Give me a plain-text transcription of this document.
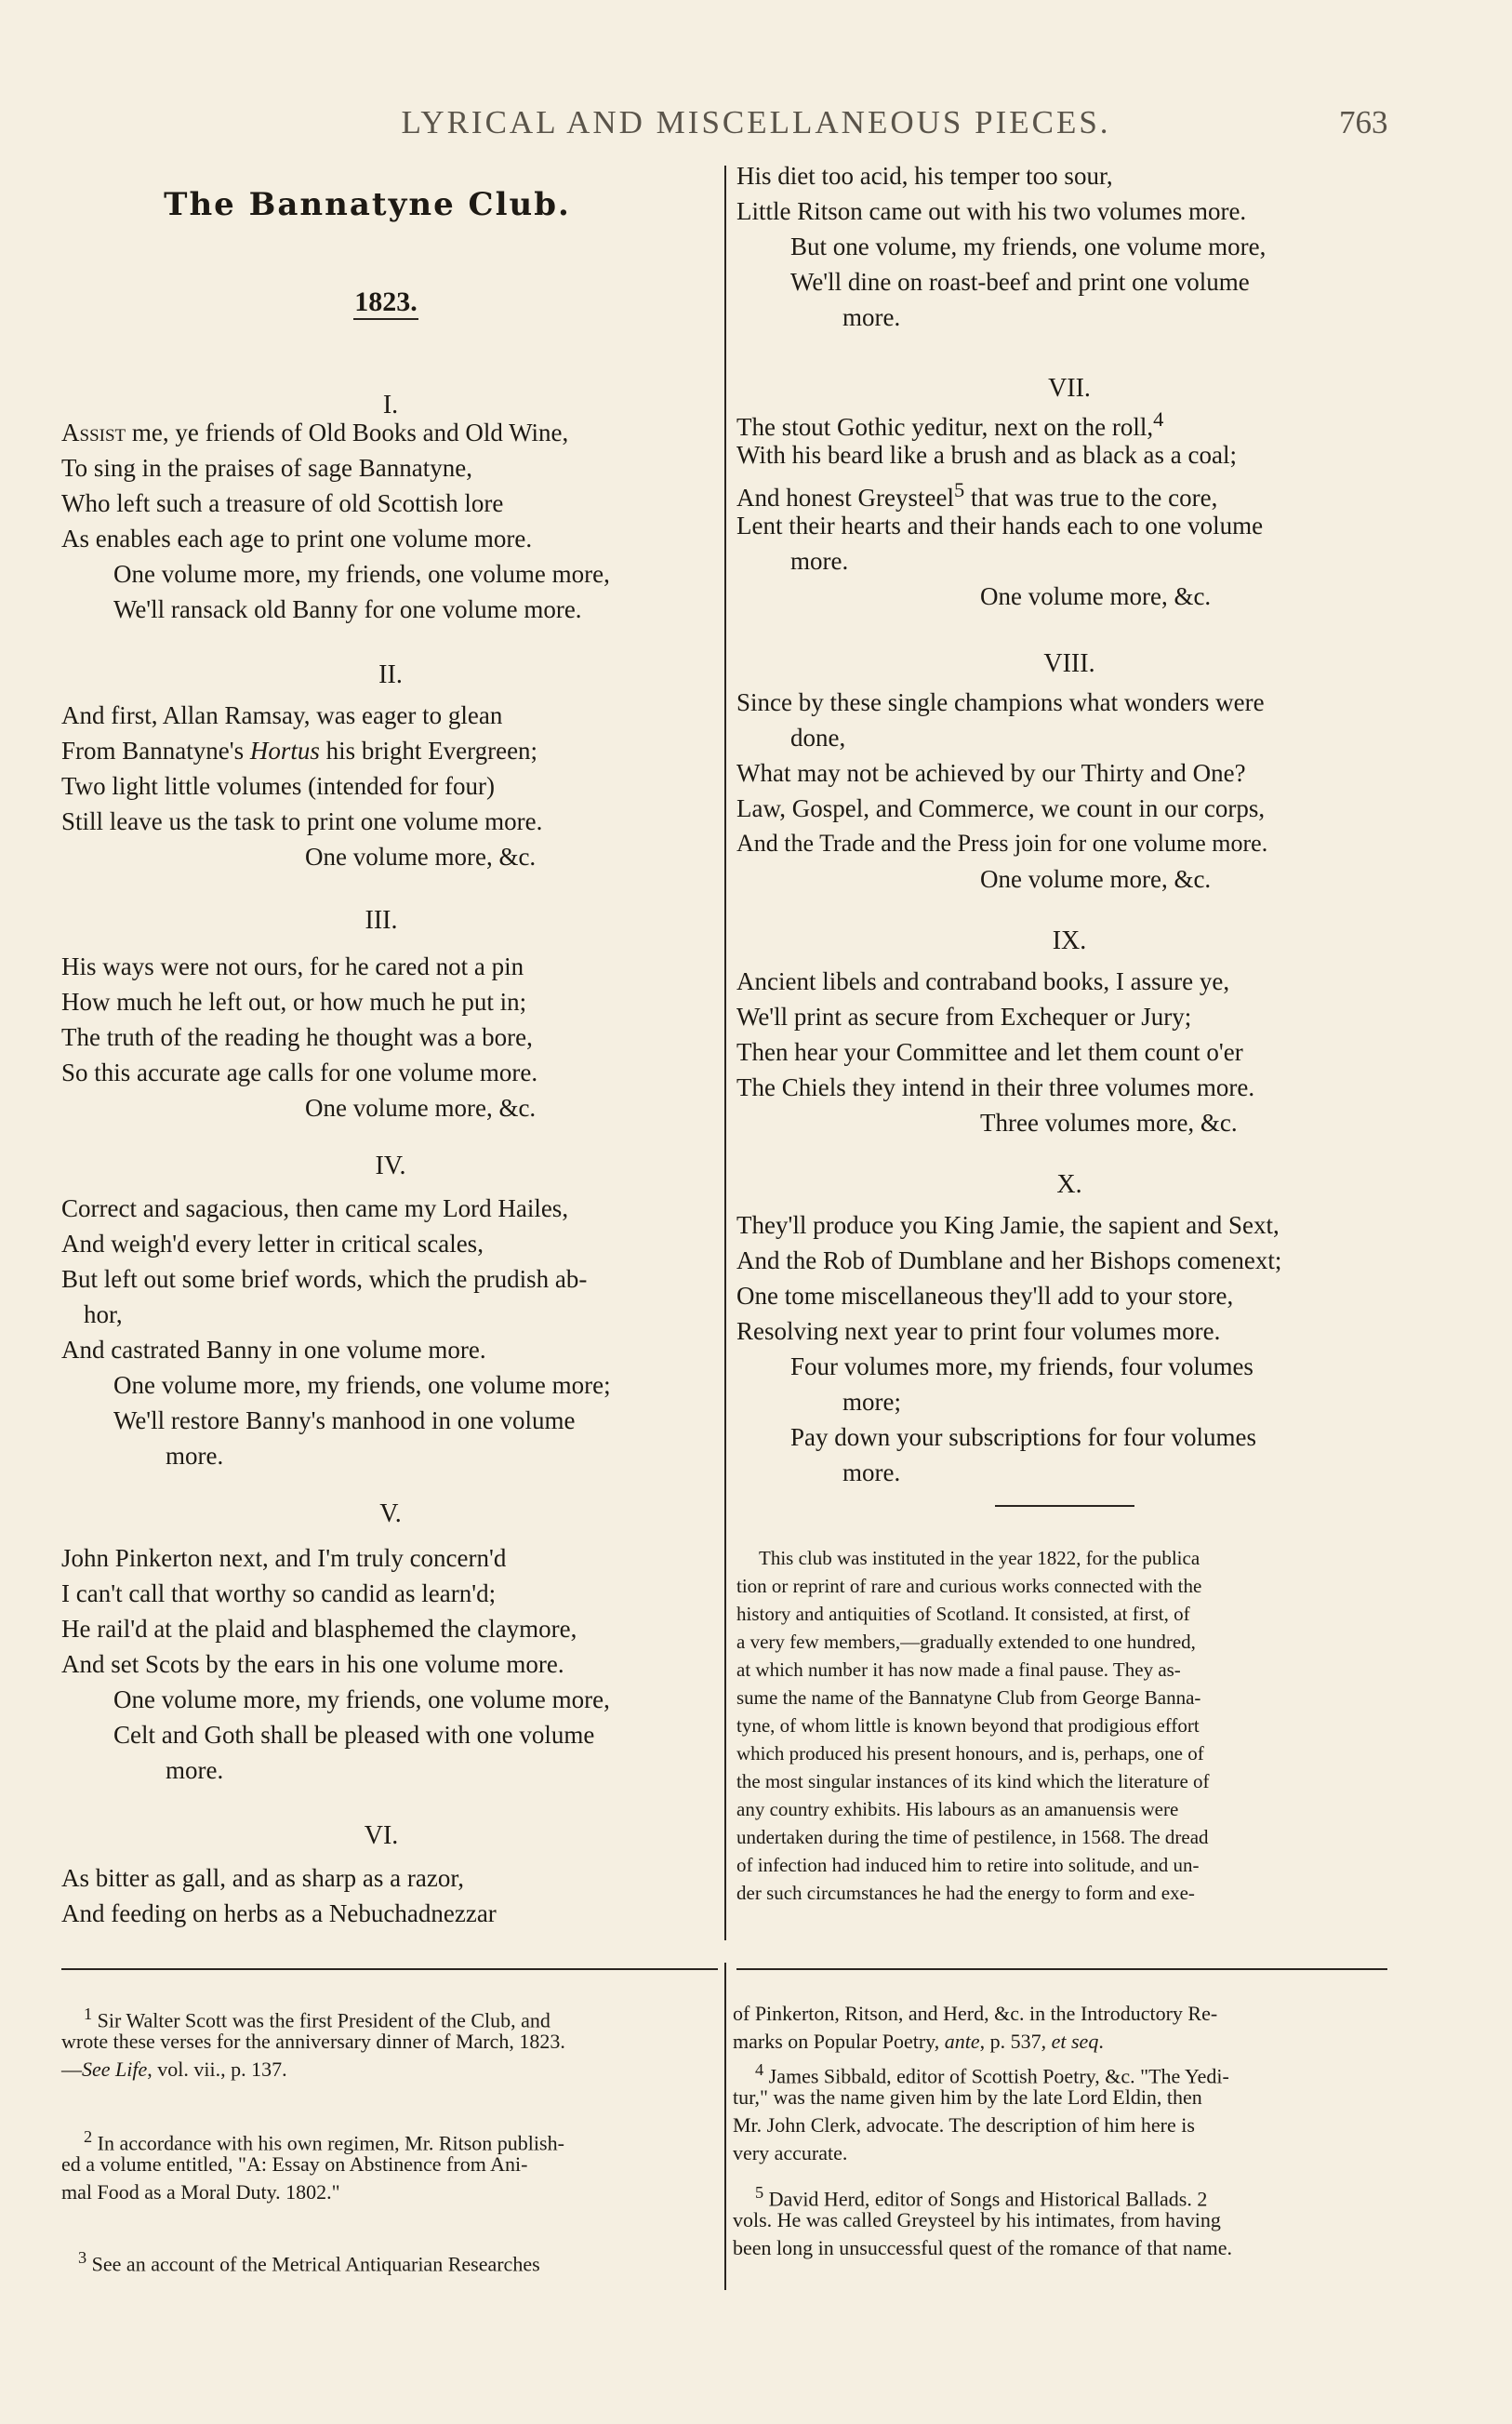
LYRICAL AND MISCELLANEOUS PIECES.	763
The Bannatyne Club.
1823.
I.
Assist me, ye friends of Old Books and Old Wine,
To sing in the praises of sage Bannatyne,
Who left such a treasure of old Scottish lore
As enables each age to print one volume more.
One volume more, my friends, one volume more,
We'll ransack old Banny for one volume more.
II.
And first, Allan Ramsay, was eager to glean
From Bannatyne's Hortus his bright Evergreen;
Two light little volumes (intended for four)
Still leave us the task to print one volume more.
One volume more, &c.
III.
His ways were not ours, for he cared not a pin
How much he left out, or how much he put in;
The truth of the reading he thought was a bore,
So this accurate age calls for one volume more.
One volume more, &c.
IV.
Correct and sagacious, then came my Lord Hailes,
And weigh'd every letter in critical scales,
But left out some brief words, which the prudish ab-
hor,
And castrated Banny in one volume more.
One volume more, my friends, one volume more;
We'll restore Banny's manhood in one volume
more.
V.
John Pinkerton next, and I'm truly concern'd
I can't call that worthy so candid as learn'd;
He rail'd at the plaid and blasphemed the claymore,
And set Scots by the ears in his one volume more.
One volume more, my friends, one volume more,
Celt and Goth shall be pleased with one volume
more.
VI.
As bitter as gall, and as sharp as a razor,
And feeding on herbs as a Nebuchadnezzar
$^1$ Sir Walter Scott was the first President of the Club, and
wrote these verses for the anniversary dinner of March, 1823.
—See Life, vol. vii., p. 137.
$^2$ In accordance with his own regimen, Mr. Ritson publish-
ed a volume entitled, "A: Essay on Abstinence from Ani-
mal Food as a Moral Duty. 1802."
$^3$ See an account of the Metrical Antiquarian Researches
His diet too acid, his temper too sour,
Little Ritson came out with his two volumes more.
But one volume, my friends, one volume more,
We'll dine on roast-beef and print one volume
more.
VII.
The stout Gothic yeditur, next on the roll,$^4$
With his beard like a brush and as black as a coal;
And honest Greysteel$^5$ that was true to the core,
Lent their hearts and their hands each to one volume
more.
One volume more, &c.
VIII.
Since by these single champions what wonders were
done,
What may not be achieved by our Thirty and One?
Law, Gospel, and Commerce, we count in our corps,
And the Trade and the Press join for one volume more.
One volume more, &c.
IX.
Ancient libels and contraband books, I assure ye,
We'll print as secure from Exchequer or Jury;
Then hear your Committee and let them count o'er
The Chiels they intend in their three volumes more.
Three volumes more, &c.
X.
They'll produce you King Jamie, the sapient and Sext,
And the Rob of Dumblane and her Bishops comenext;
One tome miscellaneous they'll add to your store,
Resolving next year to print four volumes more.
Four volumes more, my friends, four volumes
more;
Pay down your subscriptions for four volumes
more.
This club was instituted in the year 1822, for the publica
tion or reprint of rare and curious works connected with the
history and antiquities of Scotland. It consisted, at first, of
a very few members,—gradually extended to one hundred,
at which number it has now made a final pause. They as-
sume the name of the Bannatyne Club from George Banna-
tyne, of whom little is known beyond that prodigious effort
which produced his present honours, and is, perhaps, one of
the most singular instances of its kind which the literature of
any country exhibits. His labours as an amanuensis were
undertaken during the time of pestilence, in 1568. The dread
of infection had induced him to retire into solitude, and un-
der such circumstances he had the energy to form and exe-
of Pinkerton, Ritson, and Herd, &c. in the Introductory Re-
marks on Popular Poetry, ante, p. 537, et seq.
$^4$ James Sibbald, editor of Scottish Poetry, &c. "The Yedi-
tur," was the name given him by the late Lord Eldin, then
Mr. John Clerk, advocate. The description of him here is
very accurate.
$^5$ David Herd, editor of Songs and Historical Ballads. 2
vols. He was called Greysteel by his intimates, from having
been long in unsuccessful quest of the romance of that name.
